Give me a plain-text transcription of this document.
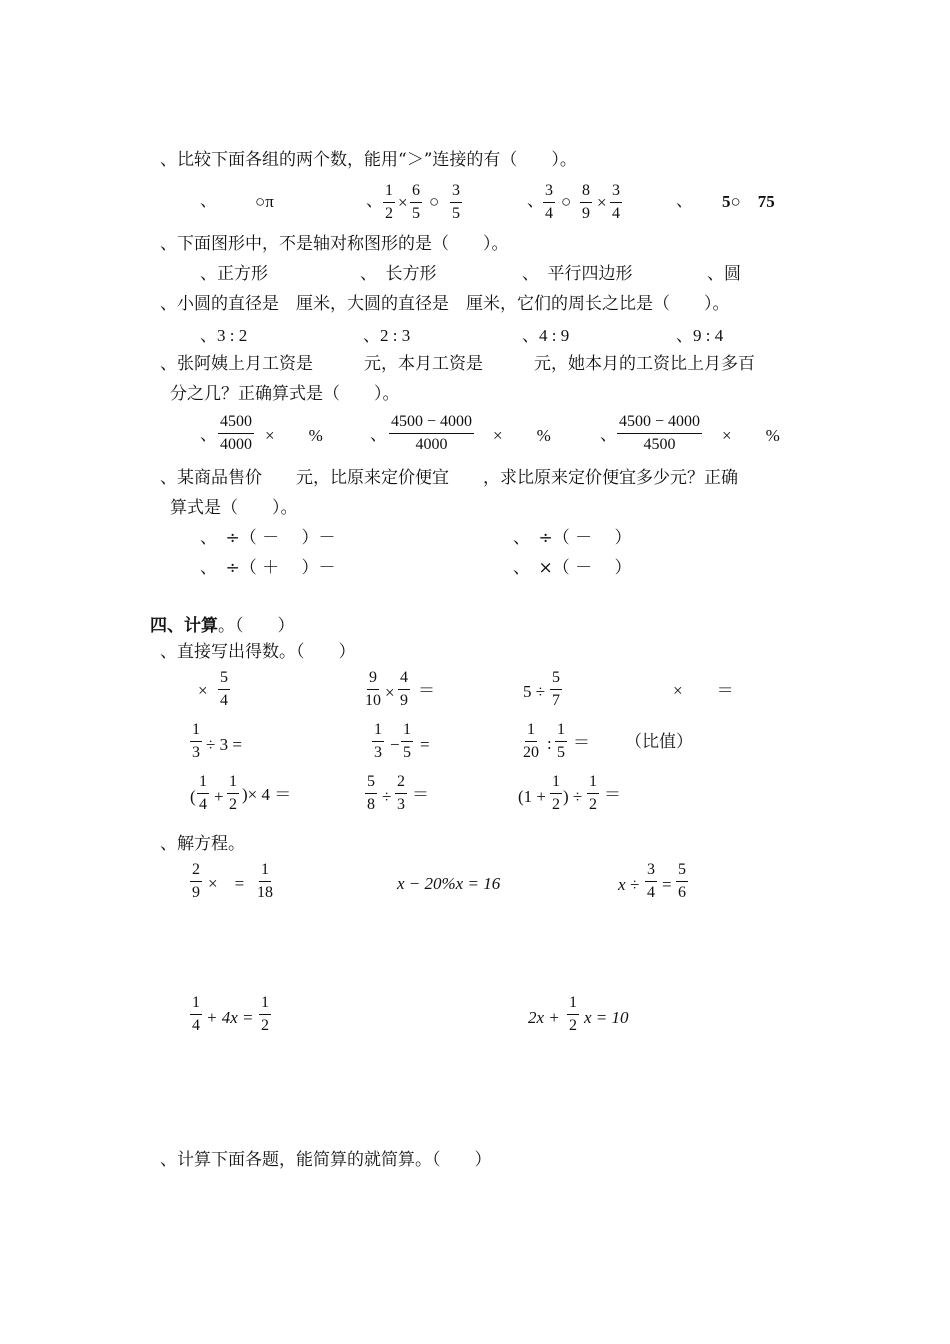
、比较下面各组的两个数，能用“＞”连接的有（　　）。
、 ○π	、 $\frac{1}{2} \times \frac{6}{5}$ ○ $\frac{3}{5}$	、 $\frac{3}{4}$ ○ $\frac{8}{9} \times \frac{3}{4}$	、 5○　75
、下面图形中，不是轴对称图形的是（　　）。
、正方形	、　长方形	、　平行四边形	、圆
、小圆的直径是　厘米，大圆的直径是　厘米，它们的周长之比是（　　）。
、3 : 2	、2 : 3	、4 : 9	、9 : 4
、张阿姨上月工资是　　　元，本月工资是　　　元，她本月的工资比上月多百
分之几？正确算式是（　　）。
、 $\frac{4500}{4000}$ ×　　%	、 $\frac{4500 - 4000}{4000}$ ×　　%	、 $\frac{4500 - 4000}{4500}$ ×　　%
、某商品售价　　元，比原来定价便宜　　，求比原来定价便宜多少元？正确
算式是（　　）。
、　÷（ －　 ）－	、　÷（ －　 ）
、　÷（ ＋　 ）－	、　×（ －　 ）
四、计算。（　　）
、直接写出得数。（　　）
× $\frac{5}{4}$	$\frac{9}{10} \times \frac{4}{9}$ ＝	$5 \div \frac{5}{7}$	×　　＝
$\frac{1}{3} \div 3$ =	$\frac{1}{3} - \frac{1}{5}$ =	$\frac{1}{20}$ : $\frac{1}{5}$ ＝ （比值）
( $\frac{1}{4} + \frac{1}{2}$ )× 4 ＝	$\frac{5}{8} \div \frac{2}{3}$ ＝	($1 + \frac{1}{2}$ ) ÷ $\frac{1}{2}$ ＝
、解方程。
$\frac{2}{9}$ ×　= $\frac{1}{18}$	x − 20%x = 16	$x \div \frac{3}{4} = \frac{5}{6}$
$\frac{1}{4} + 4x = \frac{1}{2}$	$2x + \frac{1}{2}$ x = 10
、计算下面各题，能简算的就简算。（　　）
